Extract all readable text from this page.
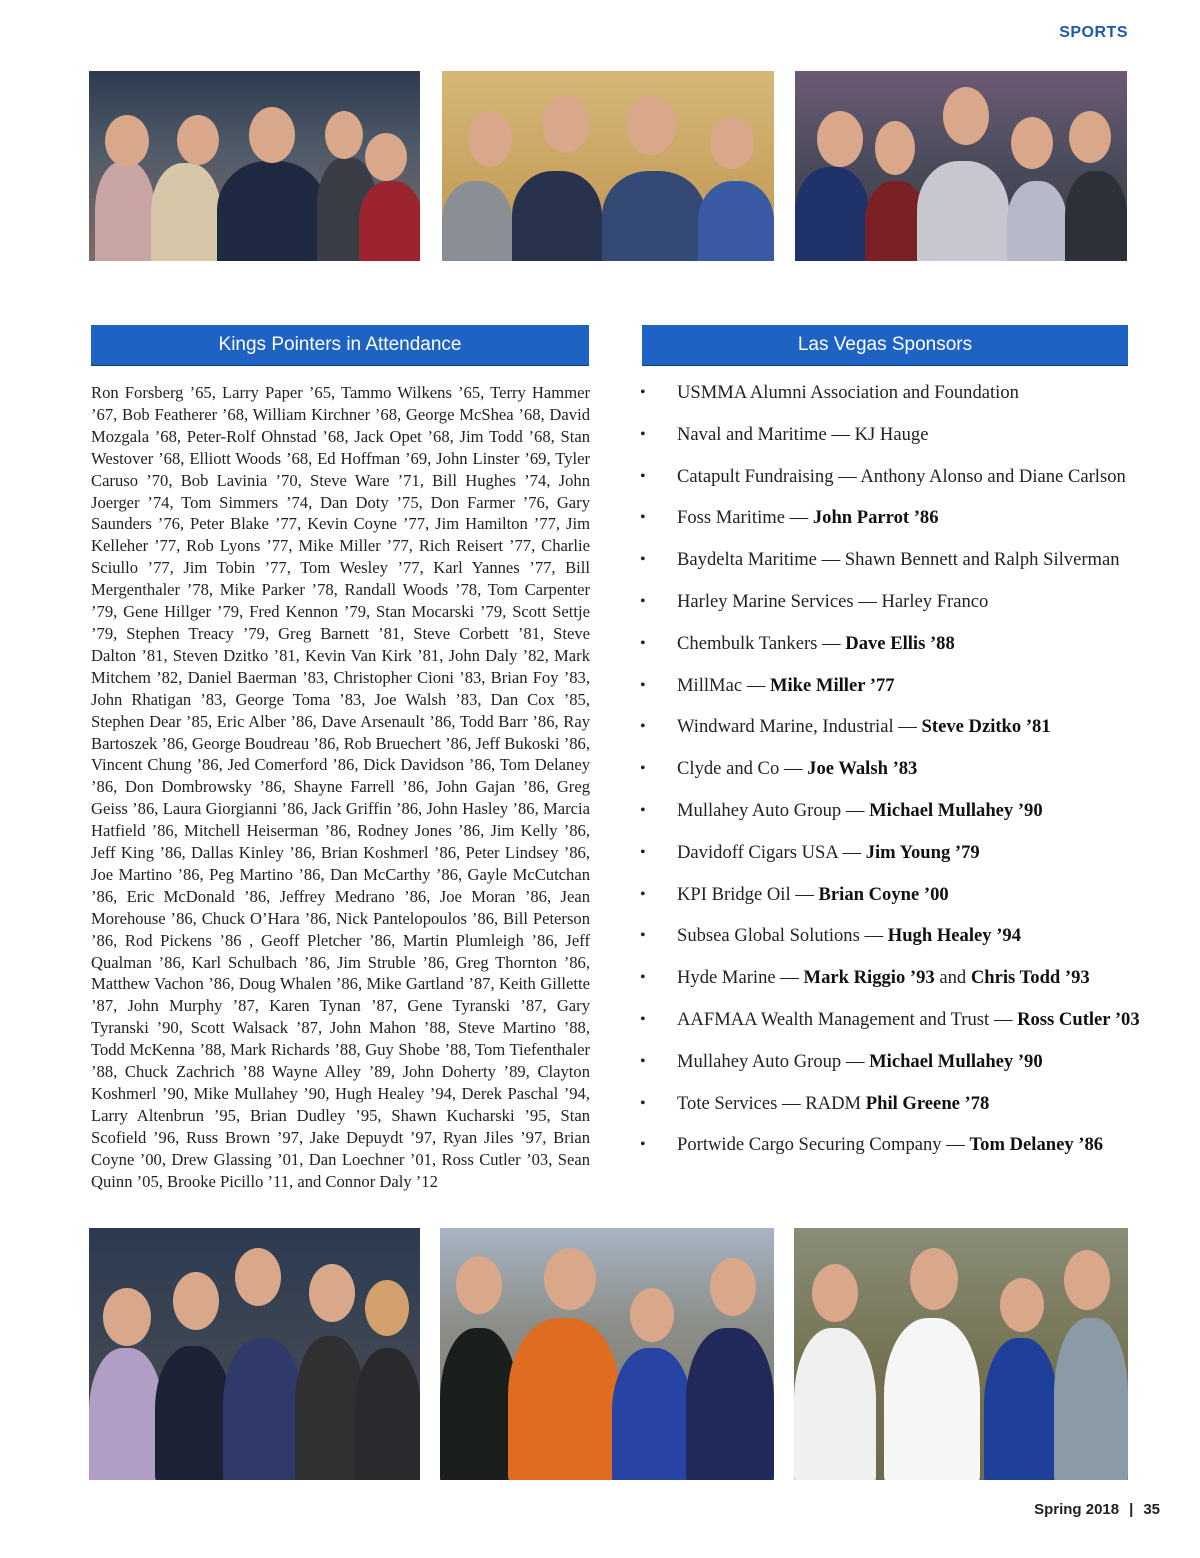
SPORTS
Kings Pointers in Attendance	Las Vegas Sponsors

Ron Forsberg ’65, Larry Paper ’65, Tammo Wilkens ’65, Terry Hammer ’67, Bob Featherer ’68, William Kirchner ’68, George McShea ’68, David Mozgala ’68, Peter-Rolf Ohnstad ’68, Jack Opet ’68, Jim Todd ’68, Stan Westover ’68, Elliott Woods ’68, Ed Hoffman ’69, John Linster ’69, Tyler Caruso ’70, Bob Lavinia ’70, Steve Ware ’71, Bill Hughes ’74, John Joerger ’74, Tom Simmers ’74, Dan Doty ’75, Don Farmer ’76, Gary Saunders ’76, Peter Blake ’77, Kevin Coyne ’77, Jim Hamilton ’77, Jim Kelleher ’77, Rob Lyons ’77, Mike Miller ’77, Rich Reisert ’77, Charlie Sciullo ’77, Jim Tobin ’77, Tom Wesley ’77, Karl Yannes ’77, Bill Mergenthaler ’78, Mike Parker ’78, Randall Woods ’78, Tom Carpenter ’79, Gene Hillger ’79, Fred Kennon ’79, Stan Mocarski ’79, Scott Settje ’79, Stephen Treacy ’79, Greg Barnett ’81, Steve Corbett ’81, Steve Dalton ’81, Steven Dzitko ’81, Kevin Van Kirk ’81, John Daly ’82, Mark Mitchem ’82, Daniel Baerman ’83, Christopher Cioni ’83, Brian Foy ’83, John Rhatigan ’83, George Toma ’83, Joe Walsh ’83, Dan Cox ’85, Stephen Dear ’85, Eric Alber ’86, Dave Arsenault ’86, Todd Barr ’86, Ray Bartoszek ’86, George Boudreau ’86, Rob Bruechert ’86, Jeff Bukoski ’86, Vincent Chung ’86, Jed Comerford ’86, Dick Davidson ’86, Tom Delaney ’86, Don Dombrowsky ’86, Shayne Farrell ’86, John Gajan ’86, Greg Geiss ’86, Laura Giorgianni ’86, Jack Griffin ’86, John Hasley ’86, Marcia Hatfield ’86, Mitchell Heiserman ’86, Rodney Jones ’86, Jim Kelly ’86, Jeff King ’86, Dallas Kinley ’86, Brian Koshmerl ’86, Peter Lindsey ’86, Joe Martino ’86, Peg Martino ’86, Dan McCarthy ’86, Gayle McCutchan ’86, Eric McDonald ’86, Jeffrey Medrano ’86, Joe Moran ’86, Jean Morehouse ’86, Chuck O’Hara ’86, Nick Pantelopoulos ’86, Bill Peterson ’86, Rod Pickens ’86 , Geoff Pletcher ’86, Martin Plumleigh ’86, Jeff Qualman ’86, Karl Schulbach ’86, Jim Struble ’86, Greg Thornton ’86, Matthew Vachon ’86, Doug Whalen ’86, Mike Gartland ’87, Keith Gillette ’87, John Murphy ’87, Karen Tynan ’87, Gene Tyranski ’87, Gary Tyranski ’90, Scott Walsack ’87, John Mahon ’88, Steve Martino ’88, Todd McKenna ’88, Mark Richards ’88, Guy Shobe ’88, Tom Tiefenthaler ’88, Chuck Zachrich ’88 Wayne Alley ’89, John Doherty ’89, Clayton Koshmerl ’90, Mike Mullahey ’90, Hugh Healey ’94, Derek Paschal ’94, Larry Altenbrun ’95, Brian Dudley ’95, Shawn Kucharski ’95, Stan Scofield ’96, Russ Brown ’97, Jake Depuydt ’97, Ryan Jiles ’97, Brian Coyne ’00, Drew Glassing ’01, Dan Loechner ’01, Ross Cutler ’03, Sean Quinn ’05, Brooke Picillo ’11, and Connor Daly ’12

• USMMA Alumni Association and Foundation
• Naval and Maritime — KJ Hauge
• Catapult Fundraising — Anthony Alonso and Diane Carlson
• Foss Maritime — John Parrot ’86
• Baydelta Maritime — Shawn Bennett and Ralph Silverman
• Harley Marine Services — Harley Franco
• Chembulk Tankers — Dave Ellis ’88
• MillMac — Mike Miller ’77
• Windward Marine, Industrial — Steve Dzitko ’81
• Clyde and Co — Joe Walsh ’83
• Mullahey Auto Group — Michael Mullahey ’90
• Davidoff Cigars USA — Jim Young ’79
• KPI Bridge Oil — Brian Coyne ’00
• Subsea Global Solutions — Hugh Healey ’94
• Hyde Marine — Mark Riggio ’93 and Chris Todd ’93
• AAFMAA Wealth Management and Trust — Ross Cutler ’03
• Mullahey Auto Group — Michael Mullahey ’90
• Tote Services — RADM Phil Greene ’78
• Portwide Cargo Securing Company — Tom Delaney ’86
Spring 2018 | 35
